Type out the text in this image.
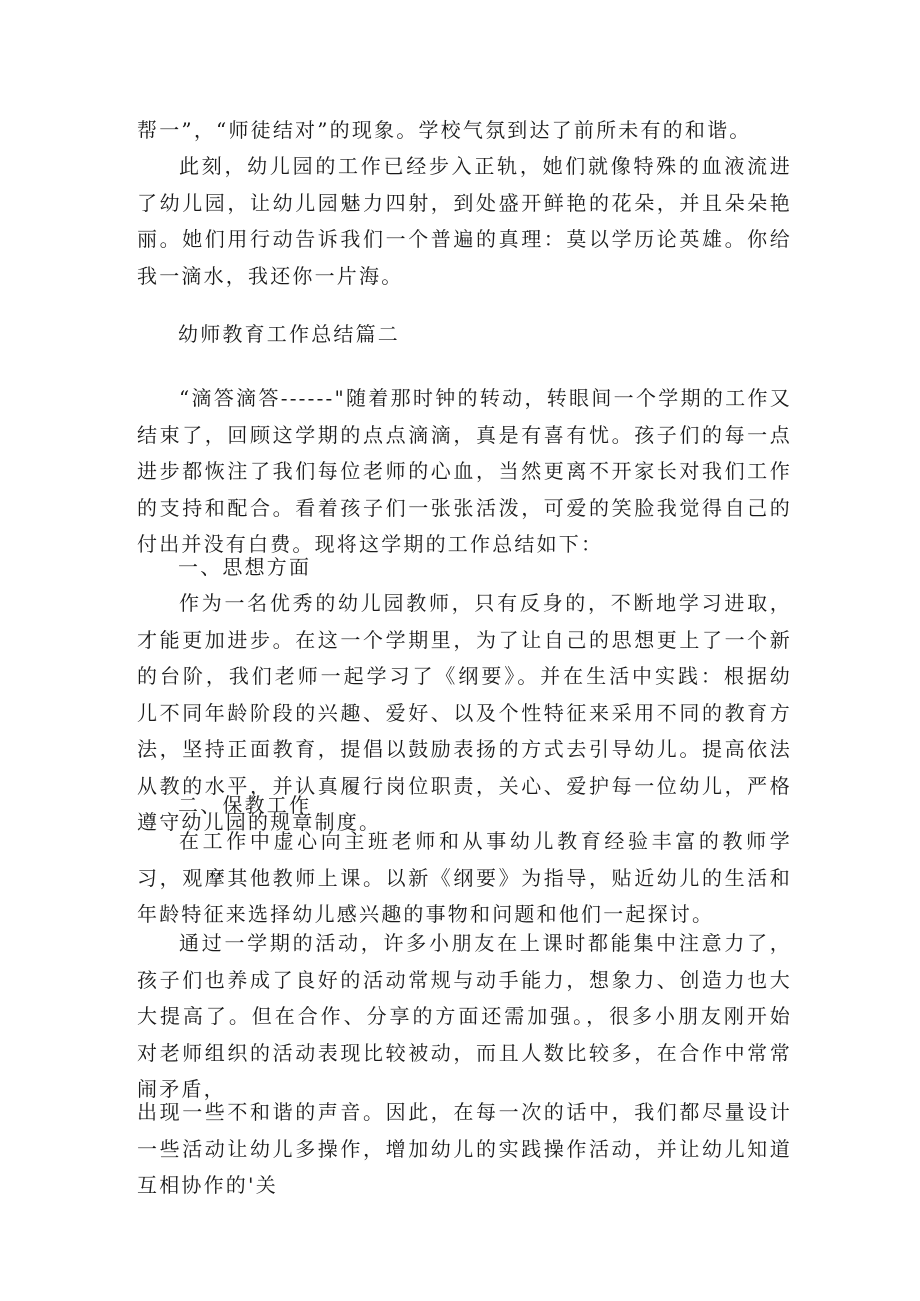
帮一”，“师徒结对”的现象。学校气氛到达了前所未有的和谐。

此刻，幼儿园的工作已经步入正轨，她们就像特殊的血液流进了幼儿园，让幼儿园魅力四射，到处盛开鲜艳的花朵，并且朵朵艳丽。她们用行动告诉我们一个普遍的真理：莫以学历论英雄。你给我一滴水，我还你一片海。

幼师教育工作总结篇二

“滴答滴答------"随着那时钟的转动，转眼间一个学期的工作又结束了，回顾这学期的点点滴滴，真是有喜有忧。孩子们的每一点进步都恢注了我们每位老师的心血，当然更离不开家长对我们工作的支持和配合。看着孩子们一张张活泼，可爱的笑脸我觉得自己的付出并没有白费。现将这学期的工作总结如下：

一、思想方面

作为一名优秀的幼儿园教师，只有反身的，不断地学习进取，才能更加进步。在这一个学期里，为了让自己的思想更上了一个新的台阶，我们老师一起学习了《纲要》。并在生活中实践：根据幼儿不同年龄阶段的兴趣、爱好、以及个性特征来采用不同的教育方法，坚持正面教育，提倡以鼓励表扬的方式去引导幼儿。提高依法从教的水平，并认真履行岗位职责，关心、爱护每一位幼儿，严格遵守幼儿园的规章制度。

二、保教工作

在工作中虚心向主班老师和从事幼儿教育经验丰富的教师学习，观摩其他教师上课。以新《纲要》为指导，贴近幼儿的生活和年龄特征来选择幼儿感兴趣的事物和问题和他们一起探讨。

通过一学期的活动，许多小朋友在上课时都能集中注意力了，孩子们也养成了良好的活动常规与动手能力，想象力、创造力也大大提高了。但在合作、分享的方面还需加强。，很多小朋友刚开始对老师组织的活动表现比较被动，而且人数比较多，在合作中常常闹矛盾，

出现一些不和谐的声音。因此，在每一次的话中，我们都尽量设计一些活动让幼儿多操作，增加幼儿的实践操作活动，并让幼儿知道互相协作的'关
